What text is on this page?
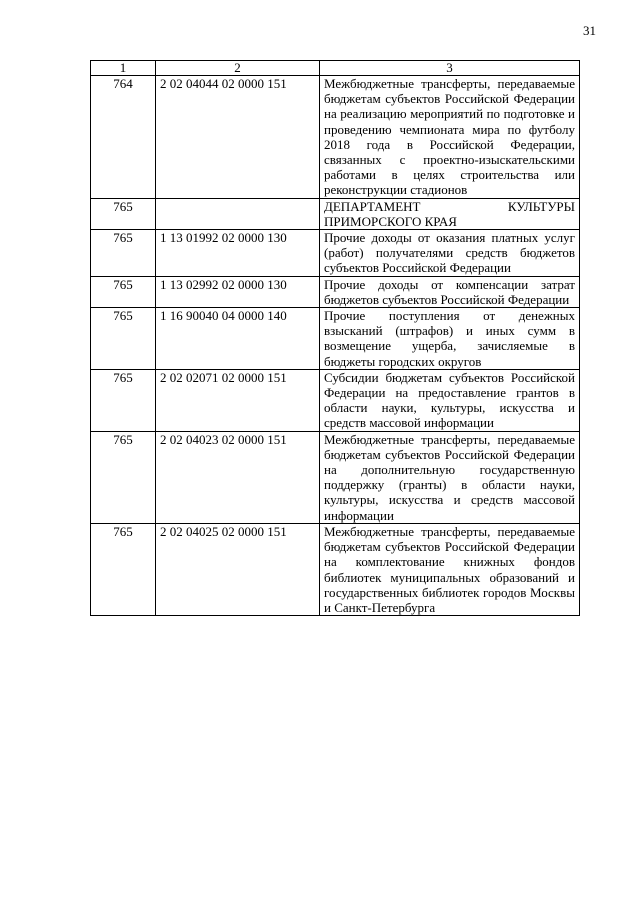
31
1	2	3
764	2 02 04044 02 0000 151	Межбюджетные трансферты, передаваемые бюджетам субъектов Российской Федерации на реализацию мероприятий по подготовке и проведению чемпионата мира по футболу 2018 года в Российской Федерации, связанных с проектно-изыскательскими работами в целях строительства или реконструкции стадионов
765		ДЕПАРТАМЕНТ КУЛЬТУРЫ ПРИМОРСКОГО КРАЯ
765	1 13 01992 02 0000 130	Прочие доходы от оказания платных услуг (работ) получателями средств бюджетов субъектов Российской Федерации
765	1 13 02992 02 0000 130	Прочие доходы от компенсации затрат бюджетов субъектов Российской Федерации
765	1 16 90040 04 0000 140	Прочие поступления от денежных взысканий (штрафов) и иных сумм в возмещение ущерба, зачисляемые в бюджеты городских округов
765	2 02 02071 02 0000 151	Субсидии бюджетам субъектов Российской Федерации на предоставление грантов в области науки, культуры, искусства и средств массовой информации
765	2 02 04023 02 0000 151	Межбюджетные трансферты, передаваемые бюджетам субъектов Российской Федерации на дополнительную государственную поддержку (гранты) в области науки, культуры, искусства и средств массовой информации
765	2 02 04025 02 0000 151	Межбюджетные трансферты, передаваемые бюджетам субъектов Российской Федерации на комплектование книжных фондов библиотек муниципальных образований и государственных библиотек городов Москвы и Санкт-Петербурга
